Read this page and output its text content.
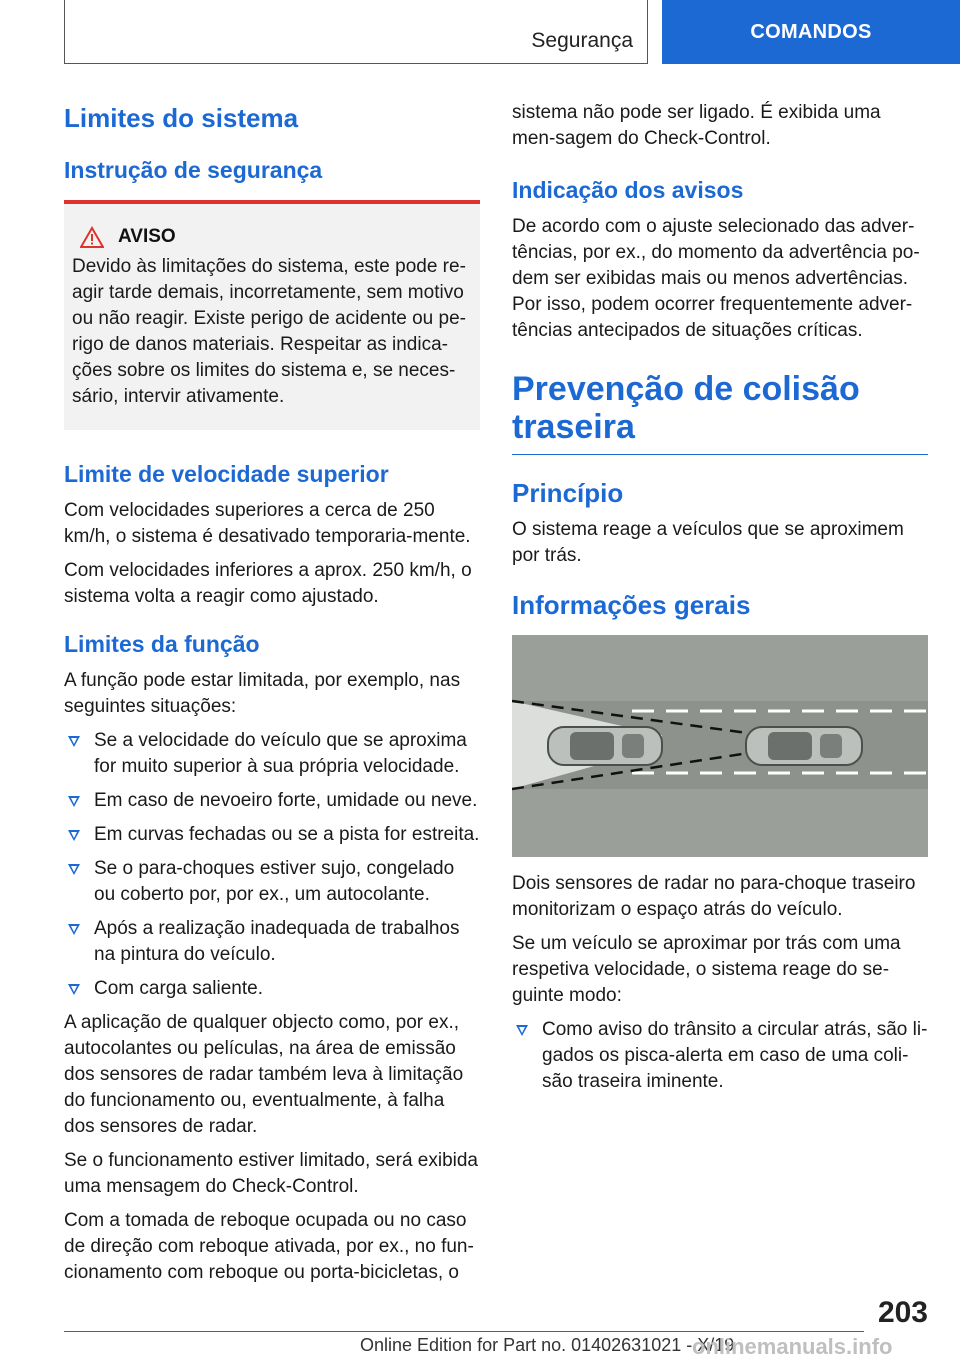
Segurança	COMANDOS
Limites do sistema
Instrução de segurança
AVISO

Devido às limitações do sistema, este pode re-agir tarde demais, incorretamente, sem motivo ou não reagir. Existe perigo de acidente ou pe-rigo de danos materiais. Respeitar as indica-ções sobre os limites do sistema e, se neces-sário, intervir ativamente.

Limite de velocidade superior

Com velocidades superiores a cerca de 250 km/h, o sistema é desativado temporaria-mente.

Com velocidades inferiores a aprox. 250 km/h, o sistema volta a reagir como ajustado.

Limites da função

A função pode estar limitada, por exemplo, nas seguintes situações:

Se a velocidade do veículo que se aproxima for muito superior à sua própria velocidade.
Em caso de nevoeiro forte, umidade ou neve.
Em curvas fechadas ou se a pista for estreita.
Se o para-choques estiver sujo, congelado ou coberto por, por ex., um autocolante.
Após a realização inadequada de trabalhos na pintura do veículo.
Com carga saliente.

A aplicação de qualquer objecto como, por ex., autocolantes ou películas, na área de emissão dos sensores de radar também leva à limitação do funcionamento ou, eventualmente, à falha dos sensores de radar.

Se o funcionamento estiver limitado, será exibida uma mensagem do Check-Control.

Com a tomada de reboque ocupada ou no caso de direção com reboque ativada, por ex., no fun-cionamento com reboque ou porta-bicicletas, o

sistema não pode ser ligado. É exibida uma men-sagem do Check-Control.

Indicação dos avisos

De acordo com o ajuste selecionado das adver-tências, por ex., do momento da advertência po-dem ser exibidas mais ou menos advertências. Por isso, podem ocorrer frequentemente adver-tências antecipados de situações críticas.

Prevenção de colisão
traseira
Princípio

O sistema reage a veículos que se aproximem por trás.

Informações gerais

Dois sensores de radar no para-choque traseiro monitorizam o espaço atrás do veículo.

Se um veículo se aproximar por trás com uma respetiva velocidade, o sistema reage do se-guinte modo:

Como aviso do trânsito a circular atrás, são li-gados os pisca-alerta em caso de uma coli-são traseira iminente.
203
Online Edition for Part no. 01402631021 - X/19
onlinemanuals.info
